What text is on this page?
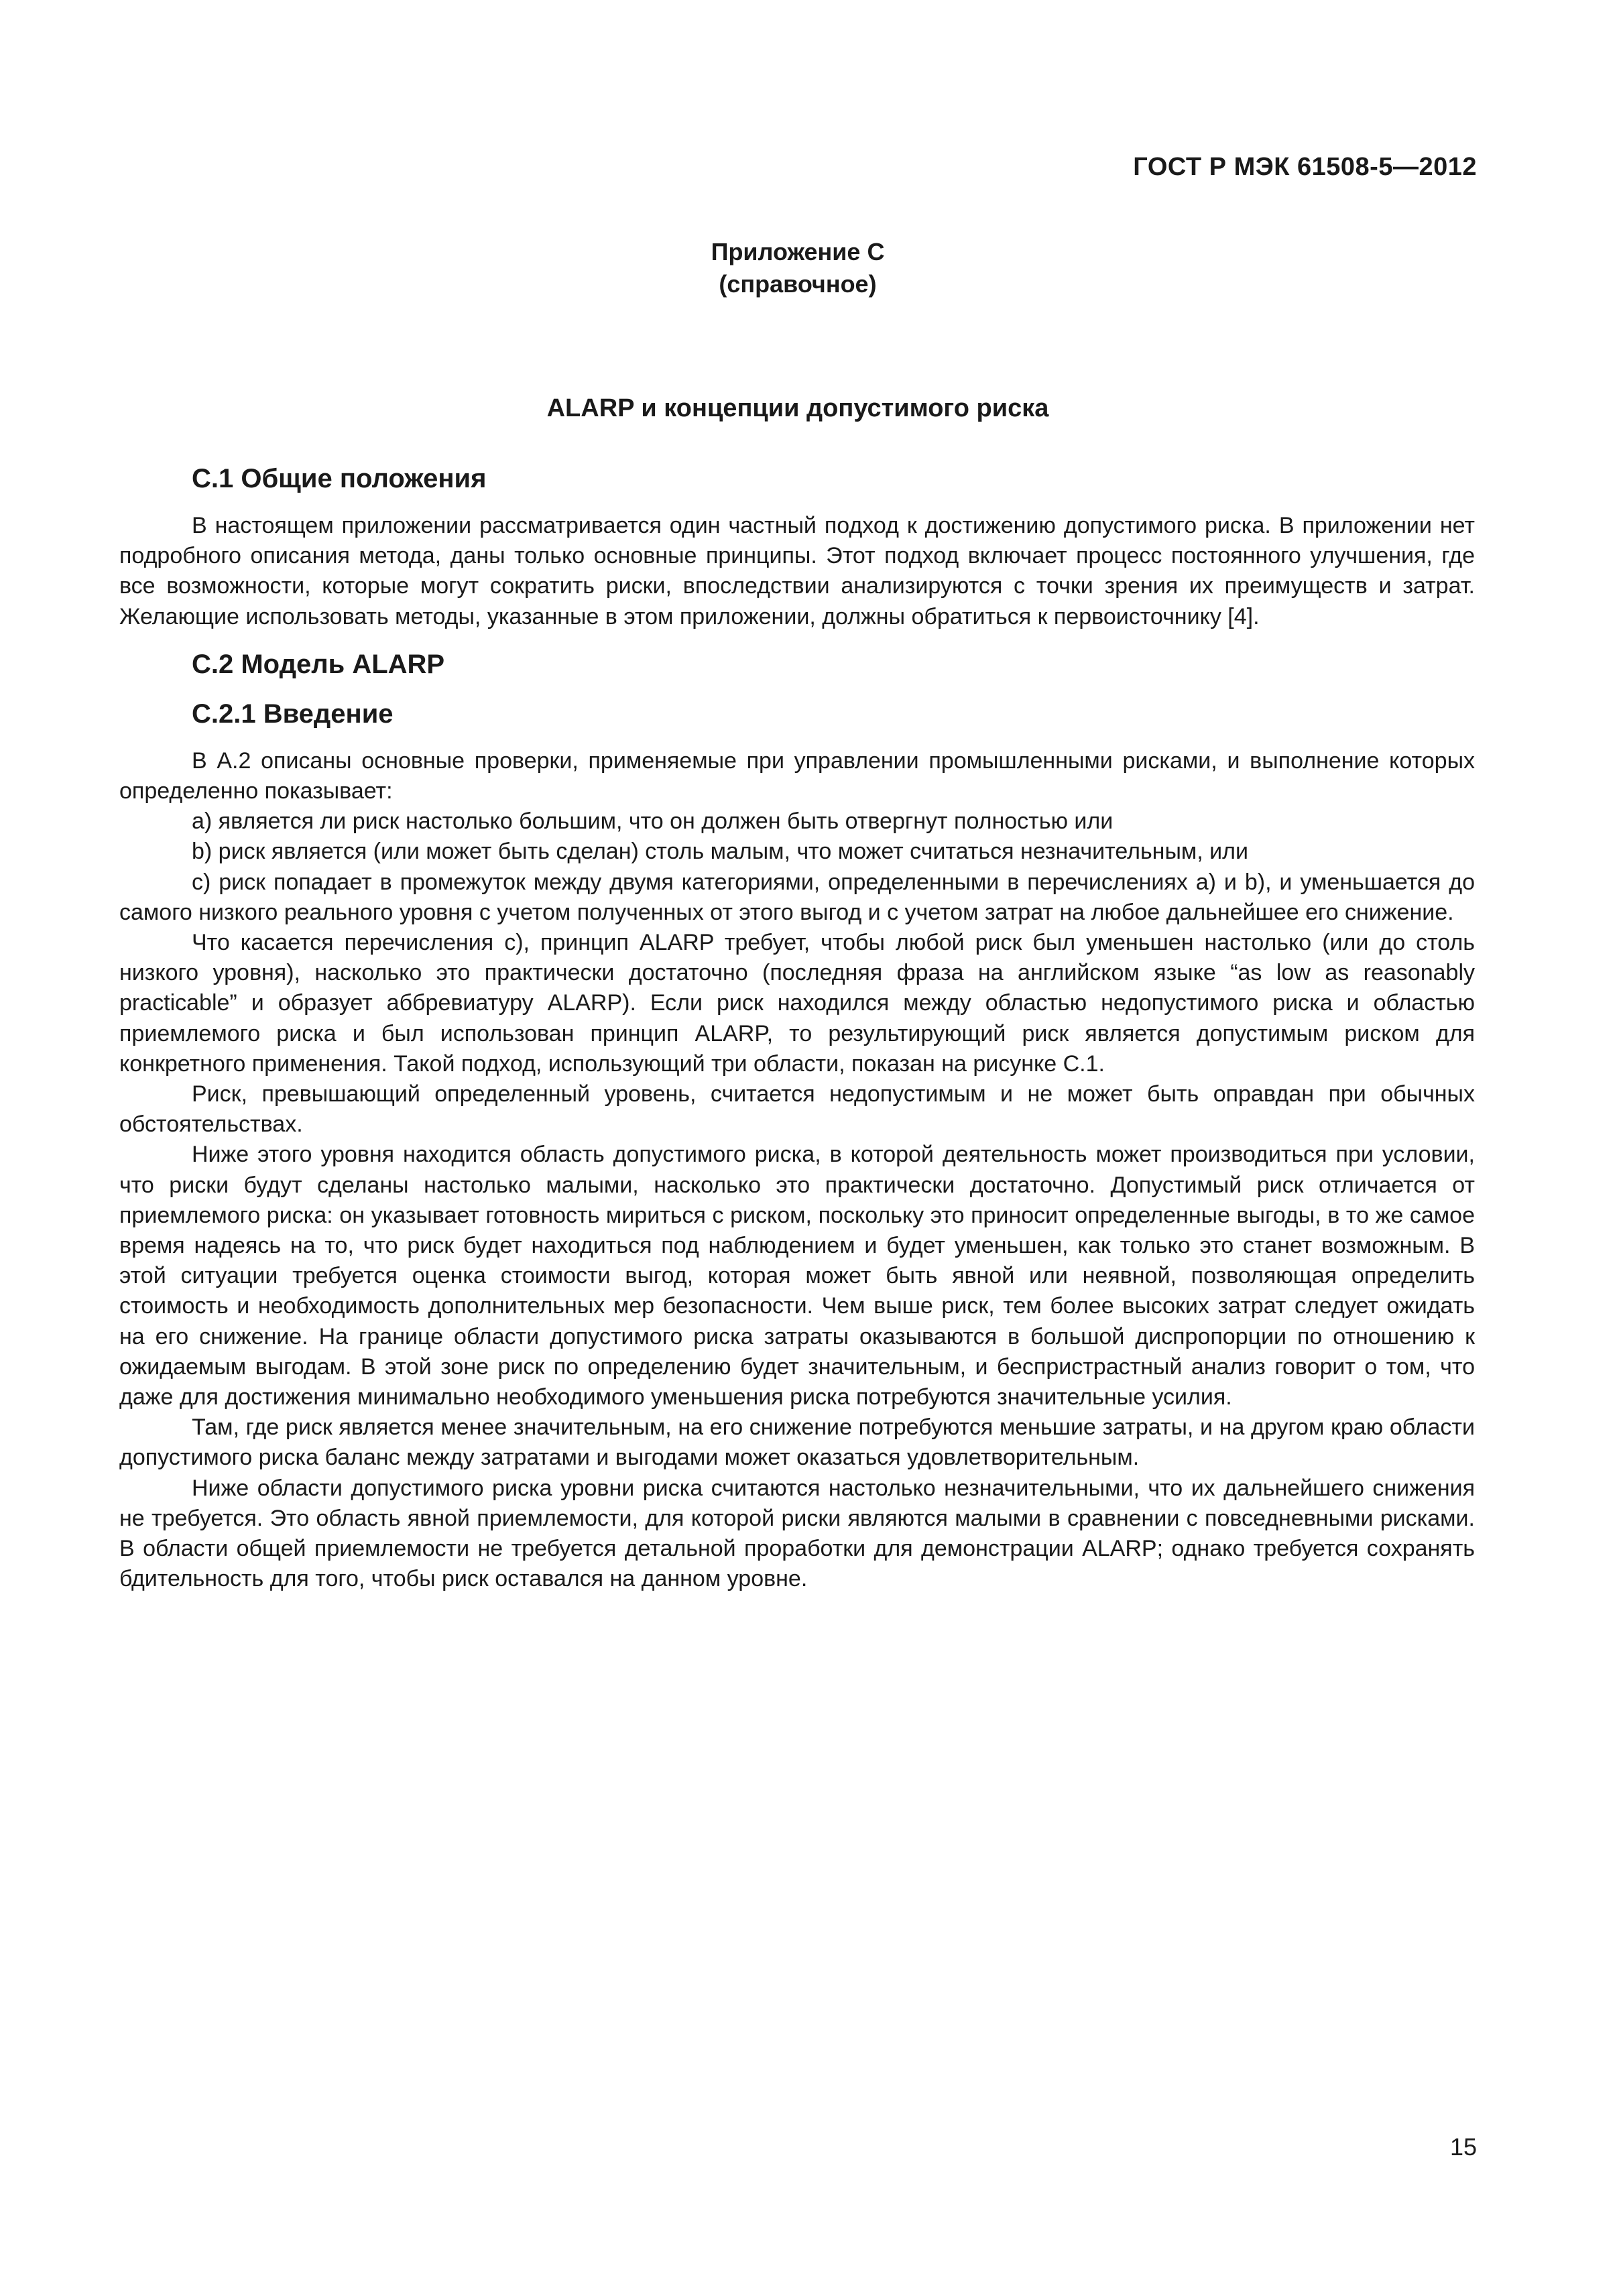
ГОСТ Р МЭК 61508-5—2012
Приложение С
(справочное)
ALARP и концепции допустимого риска
С.1 Общие положения

В настоящем приложении рассматривается один частный подход к достижению допустимого риска. В приложении нет подробного описания метода, даны только основные принципы. Этот подход включает процесс постоянного улучшения, где все возможности, которые могут сократить риски, впоследствии анализируются с точки зрения их преимуществ и затрат. Желающие использовать методы, указанные в этом приложении, должны обратиться к первоисточнику [4].

С.2 Модель ALARP
С.2.1 Введение

В А.2 описаны основные проверки, применяемые при управлении промышленными рисками, и выполнение которых определенно показывает:

а) является ли риск настолько большим, что он должен быть отвергнут полностью или

b) риск является (или может быть сделан) столь малым, что может считаться незначительным, или

с) риск попадает в промежуток между двумя категориями, определенными в перечислениях а) и b), и уменьшается до самого низкого реального уровня с учетом полученных от этого выгод и с учетом затрат на любое дальнейшее его снижение.

Что касается перечисления с), принцип ALARP требует, чтобы любой риск был уменьшен настолько (или до столь низкого уровня), насколько это практически достаточно (последняя фраза на английском языке “as low as reasonably practicable” и образует аббревиатуру ALARP). Если риск находился между областью недопустимого риска и областью приемлемого риска и был использован принцип ALARP, то результирующий риск является допустимым риском для конкретного применения. Такой подход, использующий три области, показан на рисунке С.1.

Риск, превышающий определенный уровень, считается недопустимым и не может быть оправдан при обычных обстоятельствах.

Ниже этого уровня находится область допустимого риска, в которой деятельность может производиться при условии, что риски будут сделаны настолько малыми, насколько это практически достаточно. Допустимый риск отличается от приемлемого риска: он указывает готовность мириться с риском, поскольку это приносит определенные выгоды, в то же самое время надеясь на то, что риск будет находиться под наблюдением и будет уменьшен, как только это станет возможным. В этой ситуации требуется оценка стоимости выгод, которая может быть явной или неявной, позволяющая определить стоимость и необходимость дополнительных мер безопасности. Чем выше риск, тем более высоких затрат следует ожидать на его снижение. На границе области допустимого риска затраты оказываются в большой диспропорции по отношению к ожидаемым выгодам. В этой зоне риск по определению будет значительным, и беспристрастный анализ говорит о том, что даже для достижения минимально необходимого уменьшения риска потребуются значительные усилия.

Там, где риск является менее значительным, на его снижение потребуются меньшие затраты, и на другом краю области допустимого риска баланс между затратами и выгодами может оказаться удовлетворительным.

Ниже области допустимого риска уровни риска считаются настолько незначительными, что их дальнейшего снижения не требуется. Это область явной приемлемости, для которой риски являются малыми в сравнении с повседневными рисками. В области общей приемлемости не требуется детальной проработки для демонстрации ALARP; однако требуется сохранять бдительность для того, чтобы риск оставался на данном уровне.

15
